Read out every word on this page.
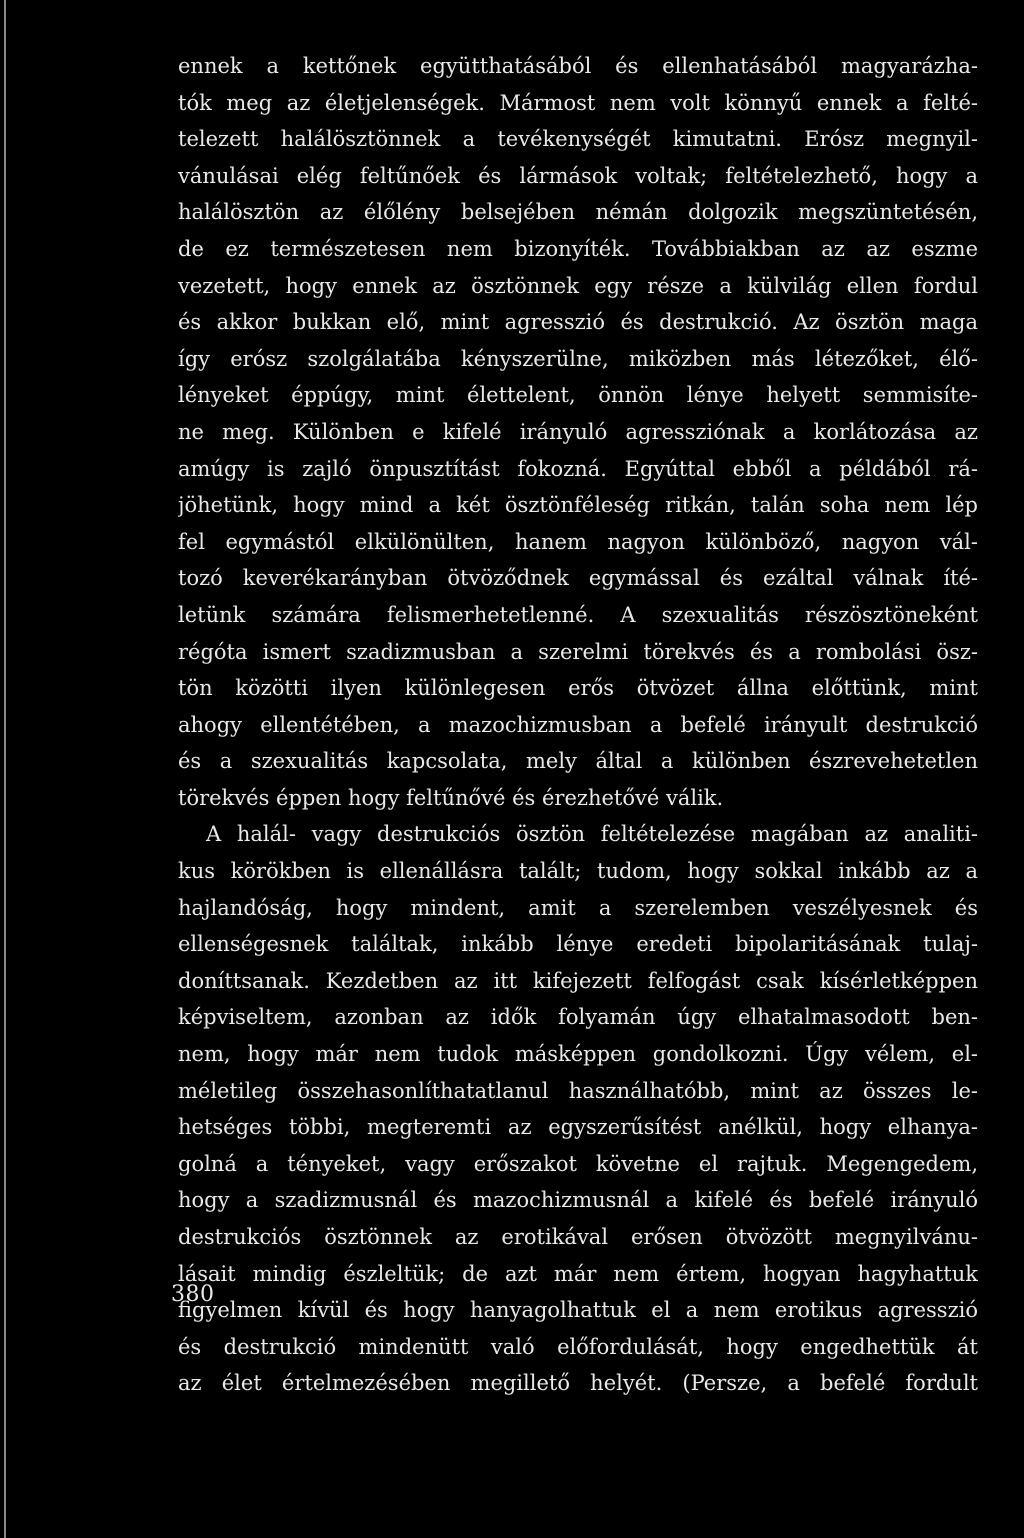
ennek a kettőnek együtthatásából és ellenhatásából magyarázha-
tók meg az életjelenségek. Mármost nem volt könnyű ennek a felté-
telezett halálösztönnek a tevékenységét kimutatni. Erósz megnyil-
vánulásai elég feltűnőek és lármások voltak; feltételezhető, hogy a
halálösztön az élőlény belsejében némán dolgozik megszüntetésén,
de ez természetesen nem bizonyíték. Továbbiakban az az eszme
vezetett, hogy ennek az ösztönnek egy része a külvilág ellen fordul
és akkor bukkan elő, mint agresszió és destrukció. Az ösztön maga
így erósz szolgálatába kényszerülne, miközben más létezőket, élő-
lényeket éppúgy, mint élettelent, önnön lénye helyett semmisíte-
ne meg. Különben e kifelé irányuló agressziónak a korlátozása az
amúgy is zajló önpusztítást fokozná. Egyúttal ebből a példából rá-
jöhetünk, hogy mind a két ösztönféleség ritkán, talán soha nem lép
fel egymástól elkülönülten, hanem nagyon különböző, nagyon vál-
tozó keverékarányban ötvöződnek egymással és ezáltal válnak íté-
letünk számára felismerhetetlenné. A szexualitás részösztöneként
régóta ismert szadizmusban a szerelmi törekvés és a rombolási ösz-
tön közötti ilyen különlegesen erős ötvözet állna előttünk, mint
ahogy ellentétében, a mazochizmusban a befelé irányult destrukció
és a szexualitás kapcsolata, mely által a különben észrevehetetlen
törekvés éppen hogy feltűnővé és érezhetővé válik.
A halál- vagy destrukciós ösztön feltételezése magában az analiti-
kus körökben is ellenállásra talált; tudom, hogy sokkal inkább az a
hajlandóság, hogy mindent, amit a szerelemben veszélyesnek és
ellenségesnek találtak, inkább lénye eredeti bipolaritásának tulaj-
doníttsanak. Kezdetben az itt kifejezett felfogást csak kísérletképpen
képviseltem, azonban az idők folyamán úgy elhatalmasodott ben-
nem, hogy már nem tudok másképpen gondolkozni. Úgy vélem, el-
méletileg összehasonlíthatatlanul használhatóbb, mint az összes le-
hetséges többi, megteremti az egyszerűsítést anélkül, hogy elhanya-
golná a tényeket, vagy erőszakot követne el rajtuk. Megengedem,
hogy a szadizmusnál és mazochizmusnál a kifelé és befelé irányuló
destrukciós ösztönnek az erotikával erősen ötvözött megnyilvánu-
lásait mindig észleltük; de azt már nem értem, hogyan hagyhattuk
figyelmen kívül és hogy hanyagolhattuk el a nem erotikus agresszió
és destrukció mindenütt való előfordulását, hogy engedhettük át
az élet értelmezésében megillető helyét. (Persze, a befelé fordult
380
